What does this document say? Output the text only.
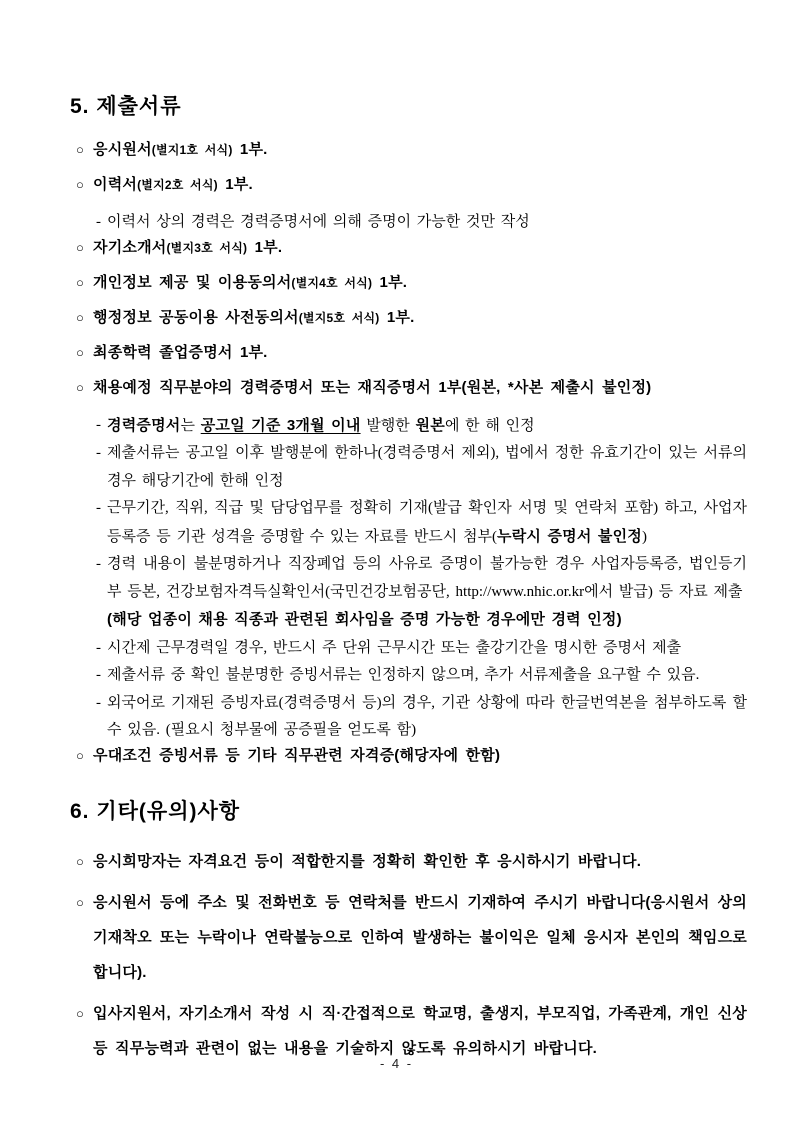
5. 제출서류
○ 응시원서(별지1호 서식) 1부.
○ 이력서(별지2호 서식) 1부.
- 이력서 상의 경력은 경력증명서에 의해 증명이 가능한 것만 작성
○ 자기소개서(별지3호 서식) 1부.
○ 개인정보 제공 및 이용동의서(별지4호 서식) 1부.
○ 행정정보 공동이용 사전동의서(별지5호 서식) 1부.
○ 최종학력 졸업증명서 1부.
○ 채용예정 직무분야의 경력증명서 또는 재직증명서 1부(원본, *사본 제출시 불인정)
- 경력증명서는 공고일 기준 3개월 이내 발행한 원본에 한 해 인정
- 제출서류는 공고일 이후 발행분에 한하나(경력증명서 제외), 법에서 정한 유효기간이 있는 서류의 경우 해당기간에 한해 인정
- 근무기간, 직위, 직급 및 담당업무를 정확히 기재(발급 확인자 서명 및 연락처 포함) 하고, 사업자등록증 등 기관 성격을 증명할 수 있는 자료를 반드시 첨부(누락시 증명서 불인정)
- 경력 내용이 불분명하거나 직장폐업 등의 사유로 증명이 불가능한 경우 사업자등록증, 법인등기부 등본, 건강보험자격득실확인서(국민건강보험공단, http://www.nhic.or.kr에서 발급) 등 자료 제출
(해당 업종이 채용 직종과 관련된 회사임을 증명 가능한 경우에만 경력 인정)
- 시간제 근무경력일 경우, 반드시 주 단위 근무시간 또는 출강기간을 명시한 증명서 제출
- 제출서류 중 확인 불분명한 증빙서류는 인정하지 않으며, 추가 서류제출을 요구할 수 있음.
- 외국어로 기재된 증빙자료(경력증명서 등)의 경우, 기관 상황에 따라 한글번역본을 첨부하도록 할 수 있음. (필요시 청부물에 공증필을 얻도록 함)
○ 우대조건 증빙서류 등 기타 직무관련 자격증(해당자에 한함)
6. 기타(유의)사항
○ 응시희망자는 자격요건 등이 적합한지를 정확히 확인한 후 응시하시기 바랍니다.
○ 응시원서 등에 주소 및 전화번호 등 연락처를 반드시 기재하여 주시기 바랍니다(응시원서 상의 기재착오 또는 누락이나 연락불능으로 인하여 발생하는 불이익은 일체 응시자 본인의 책임으로 합니다).
○ 입사지원서, 자기소개서 작성 시 직·간접적으로 학교명, 출생지, 부모직업, 가족관계, 개인 신상 등 직무능력과 관련이 없는 내용을 기술하지 않도록 유의하시기 바랍니다.
- 4 -
